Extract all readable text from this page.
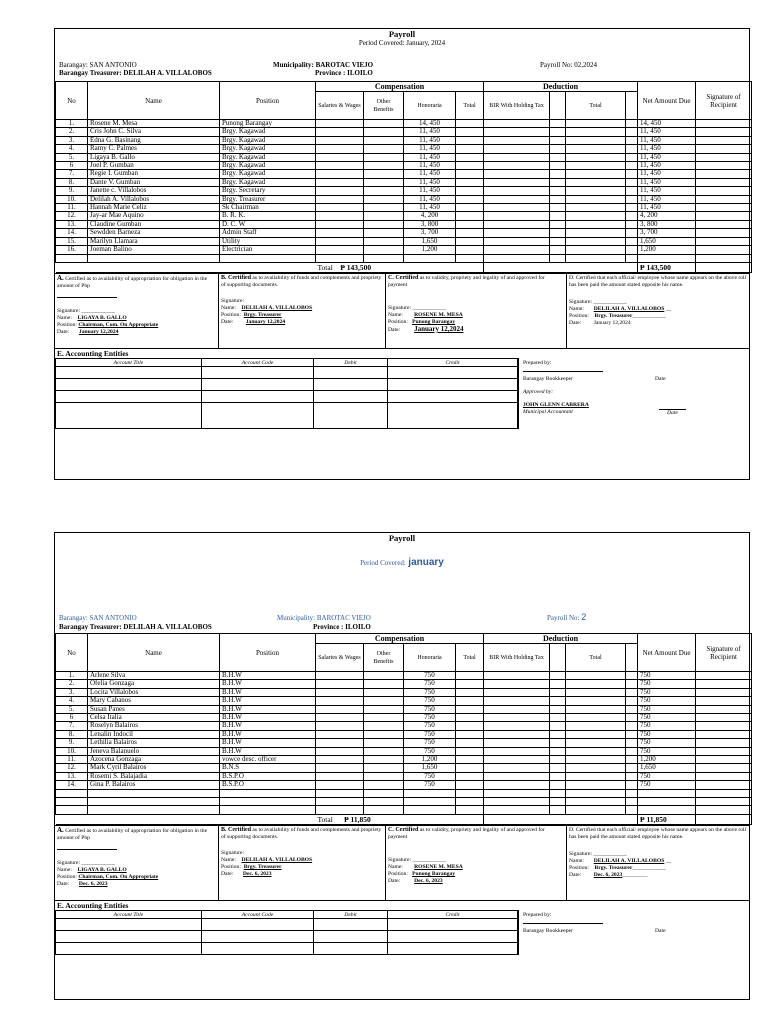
Payroll
Period Covered: January, 2024
Barangay: SAN ANTONIO
Barangay Treasurer: DELILAH A. VILLALOBOS
Municipality: BAROTAC VIEJO
Province : ILOILO
Payroll No: 02,2024
No	Name	Position	Compensation				Deduction				Net Amount Due	Signature of Recipient
			Salaries & Wages	Other Benefits	Honoraria	Total	BIR With Holding Tax		Total			
1.	Rosene M. Mesa	Punong Barangay			14, 450						14, 450	
2.	Cris John C. Silva	Brgy. Kagawad			11, 450						11, 450	
3.	Edna G. Basinang	Brgy. Kagawad			11, 450						11, 450	
4.	Ramy C. Palmes	Brgy. Kagawad			11, 450						11, 450	
5.	Ligaya B. Gallo	Brgy. Kagawad			11, 450						11, 450	
6	Joel P. Gumban	Brgy. Kagawad			11, 450						11, 450	
7.	Regie I. Gumban	Brgy. Kagawad			11, 450						11, 450	
8.	Dante V. Gumban	Brgy. Kagawad			11, 450						11, 450	
9.	Janette c. Villalobos	Brgy. Secretary			11, 450						11, 450	
10.	Delilah A. Villalobos	Brgy. Treasurer			11, 450						11, 450	
11.	Hannah Marie Celiz	Sk Chairman			11, 450						11, 450	
12.	Jay-ar Mae Aquino	B. R. K.			4, 200						4, 200	
13.	Claudine Gumban	D. C. W			3, 800						3, 800	
14.	Sewdden Barneza	Admin Staff			3, 700						3, 700	
15.	Marilyn Llamara	Utility			1,650						1,650	
16.	Joeman Balino	Electrician			1,200						1,200	

			Total ₱ 143,500								₱ 143,500	
A. Certified as to availability of appropriation for obligation in the amount of Php
Signature: ____________
Name: LIGAYA B. GALLO
Position: Chairman, Com. On Appropriate
Date: January 12,2024
B. Certified as to availability of funds and complements and propriety of supporting documents.
Signature:
Name: DELILAH A. VILLALOBOS
Position: Brgy. Treasurer
Date: January 12,2024
C. Certified as to validity, propriety and legality of and approved for payment
Signature: ____________
Name: ROSENE M. MESA
Position: Punong Barangay
Date: January 12,2024
D. Certified that each official/ employee whose name appears on the above roll has been paid the amount stated opposite his name.
Signature: ____________
Name: DELILAH A. VILLALOBOS __
Position: Brgy. Treasurer____________
Date: January 12,2024
E. Accounting Entities
Account Title	Account Code	Debit	Credit

				Prepared by:
Barangay Bookkeeper	Date
Approved by:
JOHN GLENN CABRERA
Municipal Accountant	Date
Payroll
Period Covered: january
Barangay: SAN ANTONIO
Barangay Treasurer: DELILAH A. VILLALOBOS
Municipality: BAROTAC VIEJO
Province : ILOILO
Payroll No: 2
No	Name	Position	Compensation				Deduction				Net Amount Due	Signature of Recipient
			Salaries & Wages	Other Benefits	Honoraria	Total	BIR With Holding Tax		Total			
1.	Arlene Silva	B.H.W			750						750	
2.	Ofelia Gonzaga	B.H.W			750						750	
3.	Locita Villalobos	B.H.W			750						750	
4.	Mary Cabanos	B.H.W			750						750	
5.	Susan Panes	B.H.W			750						750	
6	Celsa Italia	B.H.W			750						750	
7.	Roselyn Balairos	B.H.W			750						750	
8.	Lenalin Indocil	B.H.W			750						750	
9.	Lethilia Balairos	B.H.W			750						750	
10.	Jeneva Balanuelo	B.H.W			750						750	
11.	Azocena Gonzaga	vowce desc. officer			1,200						1,200	
12.	Mark Cyril Balairos	B.N.S			1,650						1,650	
13.	Rosemi S. Balajadia	B.S.P.O			750						750	
14.	Gina P. Balairos	B.S.P.O			750						750	

			Total ₱ 11,850								₱ 11,850	
A. Certified as to availability of appropriation for obligation in the amount of Php
Signature: ____________
Name: LIGAYA B. GALLO
Position: Chairman, Com. On Appropriate
Date: Dec. 6, 2023
B. Certified as to availability of funds and complements and propriety of supporting documents.
Signature:
Name: DELILAH A. VILLALOBOS
Position: Brgy. Treasurer
Date: Dec. 6, 2023
C. Certified as to validity, propriety and legality of and approved for payment
Signature: ____________
Name: ROSENE M. MESA
Position: Punong Barangay
Date: Dec. 6, 2023
D. Certified that each official/ employee whose name appears on the above roll has been paid the amount stated opposite his name.
Signature: ____________
Name: DELILAH A. VILLALOBOS __
Position: Brgy. Treasurer____________
Date: Dec. 6, 2023_________
E. Accounting Entities
Account Title	Account Code	Debit	Credit

				Prepared by:
Barangay Bookkeeper	Date
